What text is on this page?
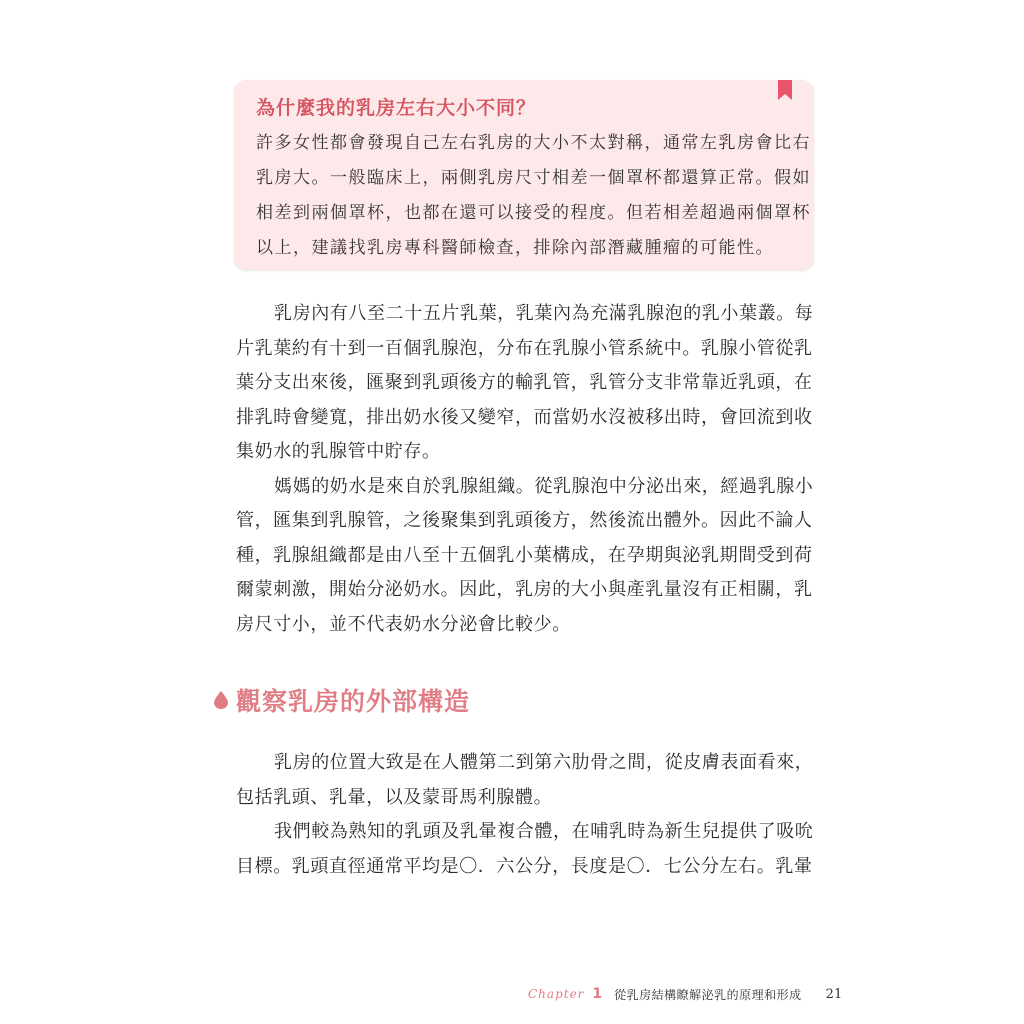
為什麼我的乳房左右大小不同？
許多女性都會發現自己左右乳房的大小不太對稱，通常左乳房會比右
乳房大。一般臨床上，兩側乳房尺寸相差一個罩杯都還算正常。假如
相差到兩個罩杯，也都在還可以接受的程度。但若相差超過兩個罩杯
以上，建議找乳房專科醫師檢查，排除內部潛藏腫瘤的可能性。
乳房內有八至二十五片乳葉，乳葉內為充滿乳腺泡的乳小葉叢。每
片乳葉約有十到一百個乳腺泡，分布在乳腺小管系統中。乳腺小管從乳
葉分支出來後，匯聚到乳頭後方的輸乳管，乳管分支非常靠近乳頭，在
排乳時會變寬，排出奶水後又變窄，而當奶水沒被移出時，會回流到收
集奶水的乳腺管中貯存。
媽媽的奶水是來自於乳腺組織。從乳腺泡中分泌出來，經過乳腺小
管，匯集到乳腺管，之後聚集到乳頭後方，然後流出體外。因此不論人
種，乳腺組織都是由八至十五個乳小葉構成，在孕期與泌乳期間受到荷
爾蒙刺激，開始分泌奶水。因此，乳房的大小與產乳量沒有正相關，乳
房尺寸小，並不代表奶水分泌會比較少。
觀察乳房的外部構造
乳房的位置大致是在人體第二到第六肋骨之間，從皮膚表面看來，
包括乳頭、乳暈，以及蒙哥馬利腺體。
我們較為熟知的乳頭及乳暈複合體，在哺乳時為新生兒提供了吸吮
目標。乳頭直徑通常平均是〇．六公分，長度是〇．七公分左右。乳暈
Chapter 1 從乳房結構瞭解泌乳的原理和形成 21
